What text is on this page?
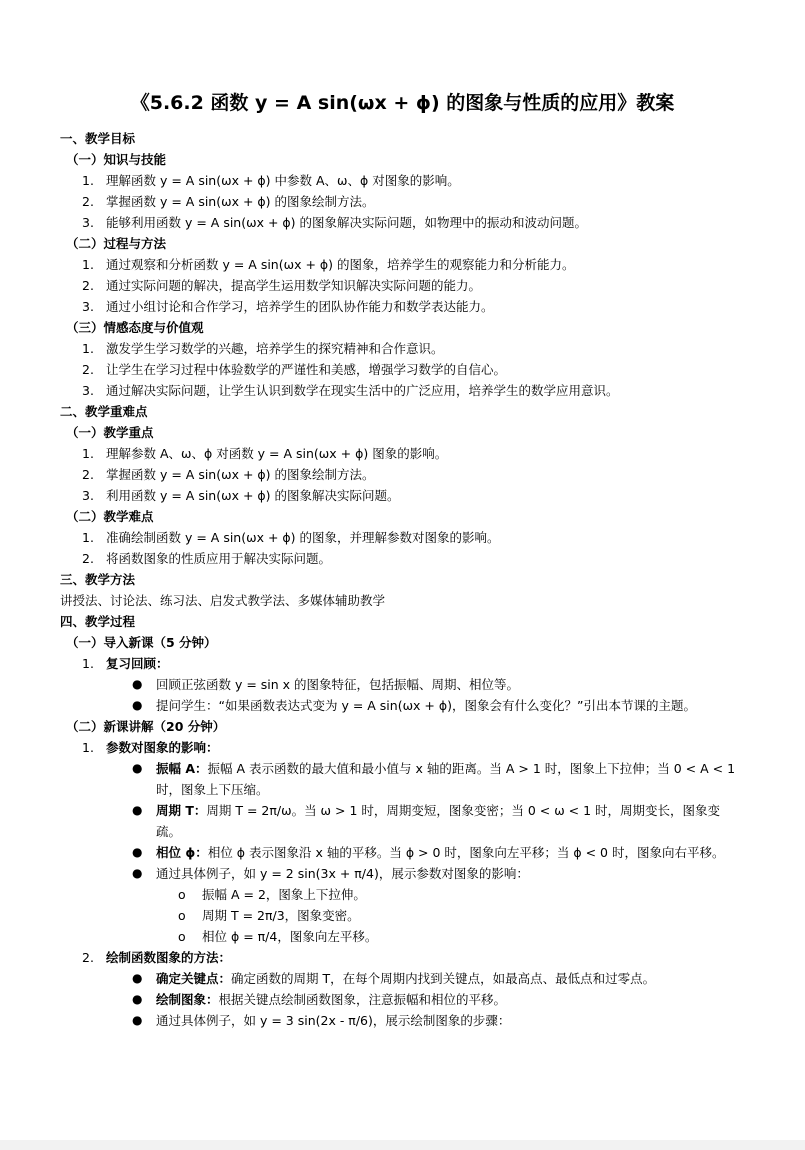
《5.6.2 函数 y = A sin(ωx + ϕ) 的图象与性质的应用》教案
一、教学目标
（一）知识与技能
1. 理解函数 y = A sin(ωx + ϕ) 中参数 A、ω、ϕ 对图象的影响。
2. 掌握函数 y = A sin(ωx + ϕ) 的图象绘制方法。
3. 能够利用函数 y = A sin(ωx + ϕ) 的图象解决实际问题，如物理中的振动和波动问题。
（二）过程与方法
1. 通过观察和分析函数 y = A sin(ωx + ϕ) 的图象，培养学生的观察能力和分析能力。
2. 通过实际问题的解决，提高学生运用数学知识解决实际问题的能力。
3. 通过小组讨论和合作学习，培养学生的团队协作能力和数学表达能力。
（三）情感态度与价值观
1. 激发学生学习数学的兴趣，培养学生的探究精神和合作意识。
2. 让学生在学习过程中体验数学的严谨性和美感，增强学习数学的自信心。
3. 通过解决实际问题，让学生认识到数学在现实生活中的广泛应用，培养学生的数学应用意识。
二、教学重难点
（一）教学重点
1. 理解参数 A、ω、ϕ 对函数 y = A sin(ωx + ϕ) 图象的影响。
2. 掌握函数 y = A sin(ωx + ϕ) 的图象绘制方法。
3. 利用函数 y = A sin(ωx + ϕ) 的图象解决实际问题。
（二）教学难点
1. 准确绘制函数 y = A sin(ωx + ϕ) 的图象，并理解参数对图象的影响。
2. 将函数图象的性质应用于解决实际问题。
三、教学方法
讲授法、讨论法、练习法、启发式教学法、多媒体辅助教学
四、教学过程
（一）导入新课（5 分钟）
1. 复习回顾：
●	回顾正弦函数 y = sin x 的图象特征，包括振幅、周期、相位等。
●	提问学生：“如果函数表达式变为 y = A sin(ωx + ϕ)，图象会有什么变化？”引出本节课的主题。
（二）新课讲解（20 分钟）
1. 参数对图象的影响：
●	振幅 A：振幅 A 表示函数的最大值和最小值与 x 轴的距离。当 A > 1 时，图象上下拉伸；当 0 < A < 1 时，图象上下压缩。
●	周期 T：周期 T = 2π/ω。当 ω > 1 时，周期变短，图象变密；当 0 < ω < 1 时，周期变长，图象变疏。
●	相位 ϕ：相位 ϕ 表示图象沿 x 轴的平移。当 ϕ > 0 时，图象向左平移；当 ϕ < 0 时，图象向右平移。
●	通过具体例子，如 y = 2 sin(3x + π/4)，展示参数对图象的影响：
o	振幅 A = 2，图象上下拉伸。
o	周期 T = 2π/3，图象变密。
o	相位 ϕ = π/4，图象向左平移。
2. 绘制函数图象的方法：
●	确定关键点：确定函数的周期 T，在每个周期内找到关键点，如最高点、最低点和过零点。
●	绘制图象：根据关键点绘制函数图象，注意振幅和相位的平移。
●	通过具体例子，如 y = 3 sin(2x - π/6)，展示绘制图象的步骤：
